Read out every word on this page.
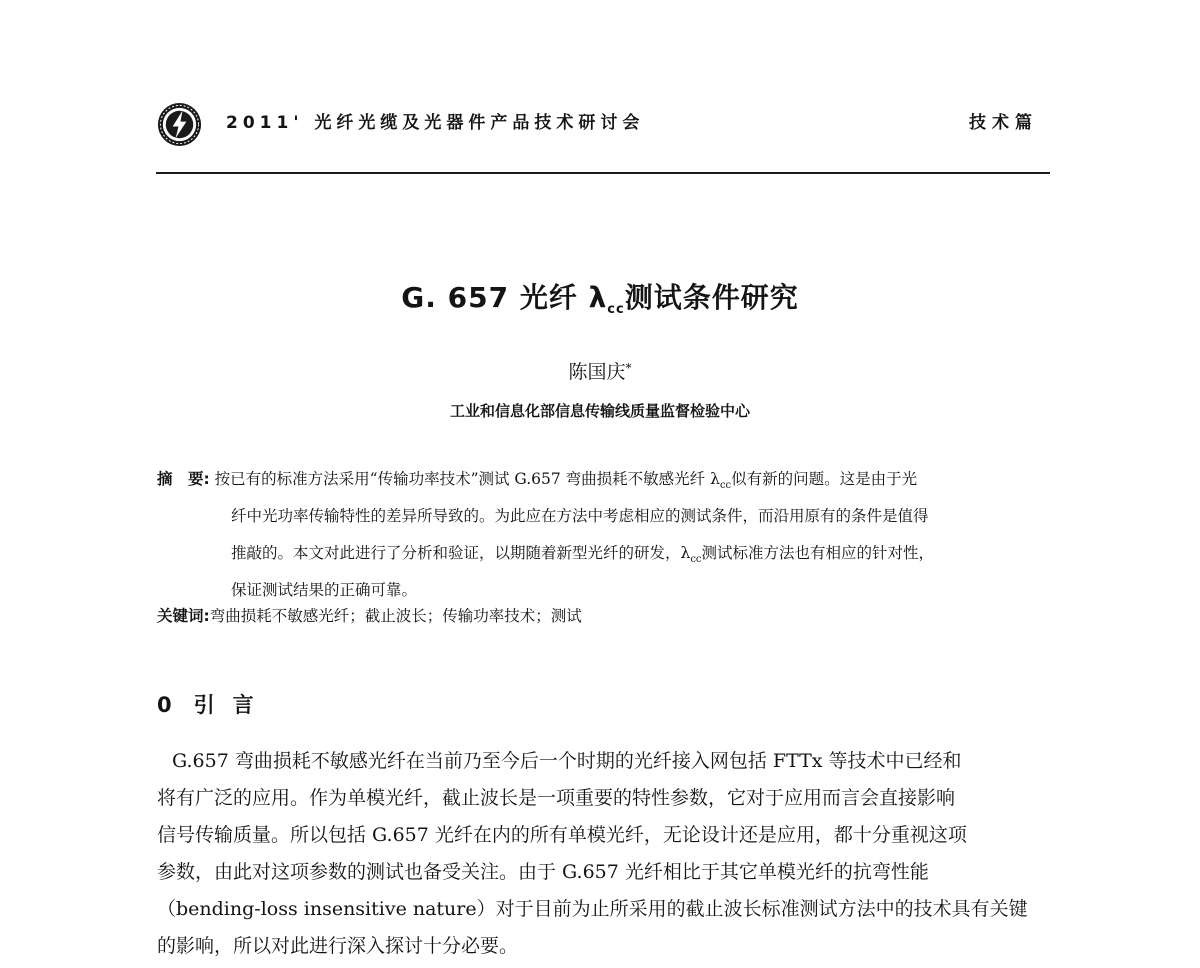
2011' 光纤光缆及光器件产品技术研讨会	技术篇
G. 657 光纤 $\lambda_{cc}$测试条件研究
陈国庆*
工业和信息化部信息传输线质量监督检验中心
摘　要: 按已有的标准方法采用“传输功率技术”测试 G.657 弯曲损耗不敏感光纤 $\lambda_{cc}$似有新的问题。这是由于光
纤中光功率传输特性的差异所导致的。为此应在方法中考虑相应的测试条件，而沿用原有的条件是值得
推敲的。本文对此进行了分析和验证，以期随着新型光纤的研发，$\lambda_{cc}$测试标准方法也有相应的针对性，
保证测试结果的正确可靠。
关键词:弯曲损耗不敏感光纤；截止波长；传输功率技术；测试
0 引言
G.657 弯曲损耗不敏感光纤在当前乃至今后一个时期的光纤接入网包括 FTTx 等技术中已经和
将有广泛的应用。作为单模光纤，截止波长是一项重要的特性参数，它对于应用而言会直接影响
信号传输质量。所以包括 G.657 光纤在内的所有单模光纤，无论设计还是应用，都十分重视这项
参数，由此对这项参数的测试也备受关注。由于 G.657 光纤相比于其它单模光纤的抗弯性能
（bending-loss insensitive nature）对于目前为止所采用的截止波长标准测试方法中的技术具有关键
的影响，所以对此进行深入探讨十分必要。
